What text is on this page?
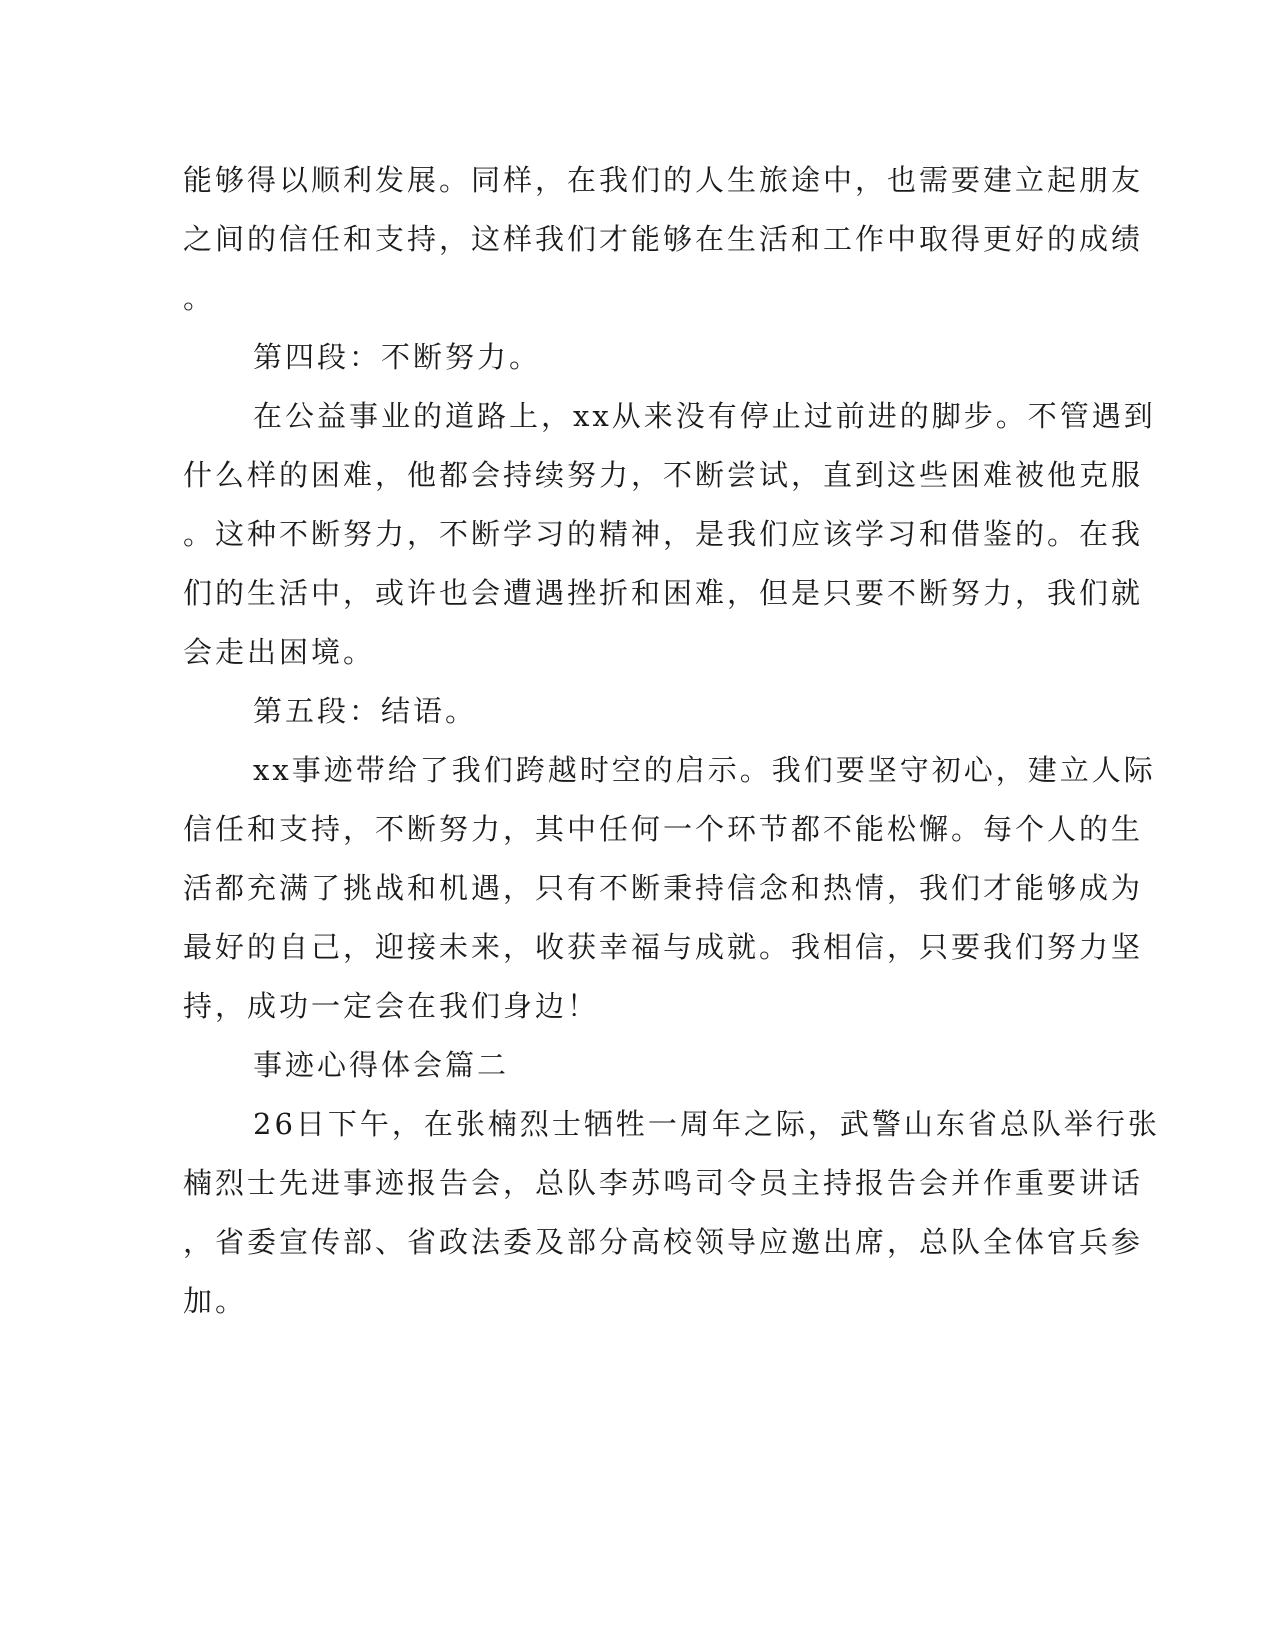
能够得以顺利发展。同样，在我们的人生旅途中，也需要建立起朋友
之间的信任和支持，这样我们才能够在生活和工作中取得更好的成绩
。
第四段：不断努力。
在公益事业的道路上，xx从来没有停止过前进的脚步。不管遇到
什么样的困难，他都会持续努力，不断尝试，直到这些困难被他克服
。这种不断努力，不断学习的精神，是我们应该学习和借鉴的。在我
们的生活中，或许也会遭遇挫折和困难，但是只要不断努力，我们就
会走出困境。
第五段：结语。
xx事迹带给了我们跨越时空的启示。我们要坚守初心，建立人际
信任和支持，不断努力，其中任何一个环节都不能松懈。每个人的生
活都充满了挑战和机遇，只有不断秉持信念和热情，我们才能够成为
最好的自己，迎接未来，收获幸福与成就。我相信，只要我们努力坚
持，成功一定会在我们身边！
事迹心得体会篇二
26日下午，在张楠烈士牺牲一周年之际，武警山东省总队举行张
楠烈士先进事迹报告会，总队李苏鸣司令员主持报告会并作重要讲话
，省委宣传部、省政法委及部分高校领导应邀出席，总队全体官兵参
加。
